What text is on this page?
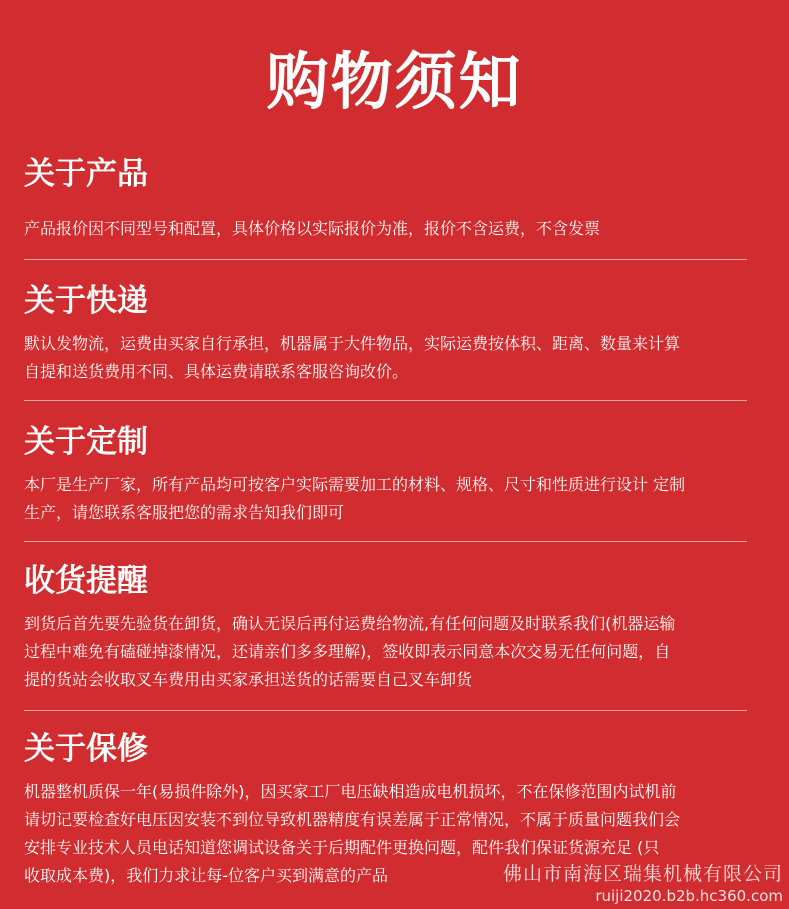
购物须知
关于产品

产品报价因不同型号和配置，具体价格以实际报价为准，报价不含运费，不含发票

关于快递

默认发物流，运费由买家自行承担，机器属于大件物品，实际运费按体积、距离、数量来计算
自提和送货费用不同、具体运费请联系客服咨询改价。

关于定制

本厂是生产厂家，所有产品均可按客户实际需要加工的材料、规格、尺寸和性质进行设计 定制
生产，请您联系客服把您的需求告知我们即可

收货提醒

到货后首先要先验货在卸货，确认无误后再付运费给物流,有任何问题及时联系我们(机器运输
过程中难免有磕碰掉漆情况，还请亲们多多理解)，签收即表示同意本次交易无任何问题，自
提的货站会收取叉车费用由买家承担送货的话需要自己叉车卸货

关于保修

机器整机质保一年(易损件除外)，因买家工厂电压缺相造成电机损坏，不在保修范围内试机前
请切记要检查好电压因安装不到位导致机器精度有误差属于正常情况，不属于质量问题我们会
安排专业技术人员电话知道您调试设备关于后期配件更换问题，配件我们保证货源充足 (只
收取成本费)，我们力求让每-位客户买到满意的产品	佛山市南海区瑞集机械有限公司
ruiji2020.b2b.hc360.com
